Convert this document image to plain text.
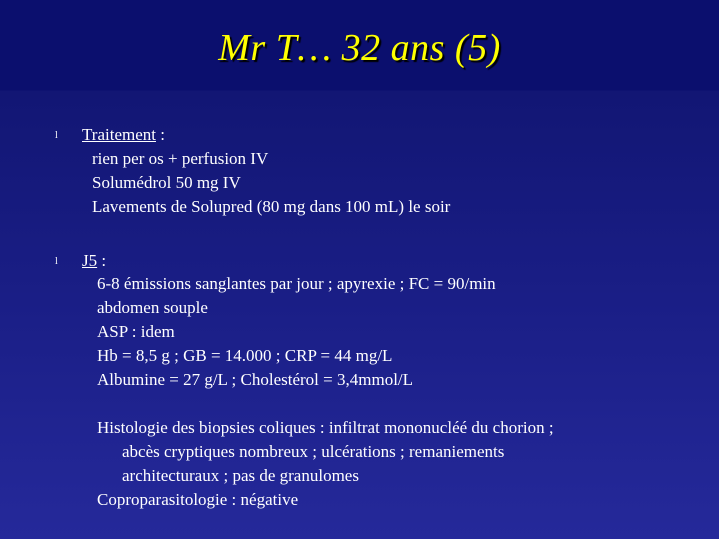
Mr T… 32 ans (5)
l Traitement :
rien per os + perfusion IV
Solumédrol 50 mg IV
Lavements de Solupred (80 mg dans 100 mL) le soir
l J5 :
6-8 émissions sanglantes par jour ; apyrexie ; FC = 90/min
abdomen souple
ASP : idem
Hb = 8,5 g ; GB = 14.000 ; CRP = 44 mg/L
Albumine = 27 g/L ; Cholestérol = 3,4mmol/L
Histologie des biopsies coliques : infiltrat mononucléé du chorion ;
abcès cryptiques nombreux ; ulcérations ; remaniements
architecturaux ; pas de granulomes
Coproparasitologie : négative
